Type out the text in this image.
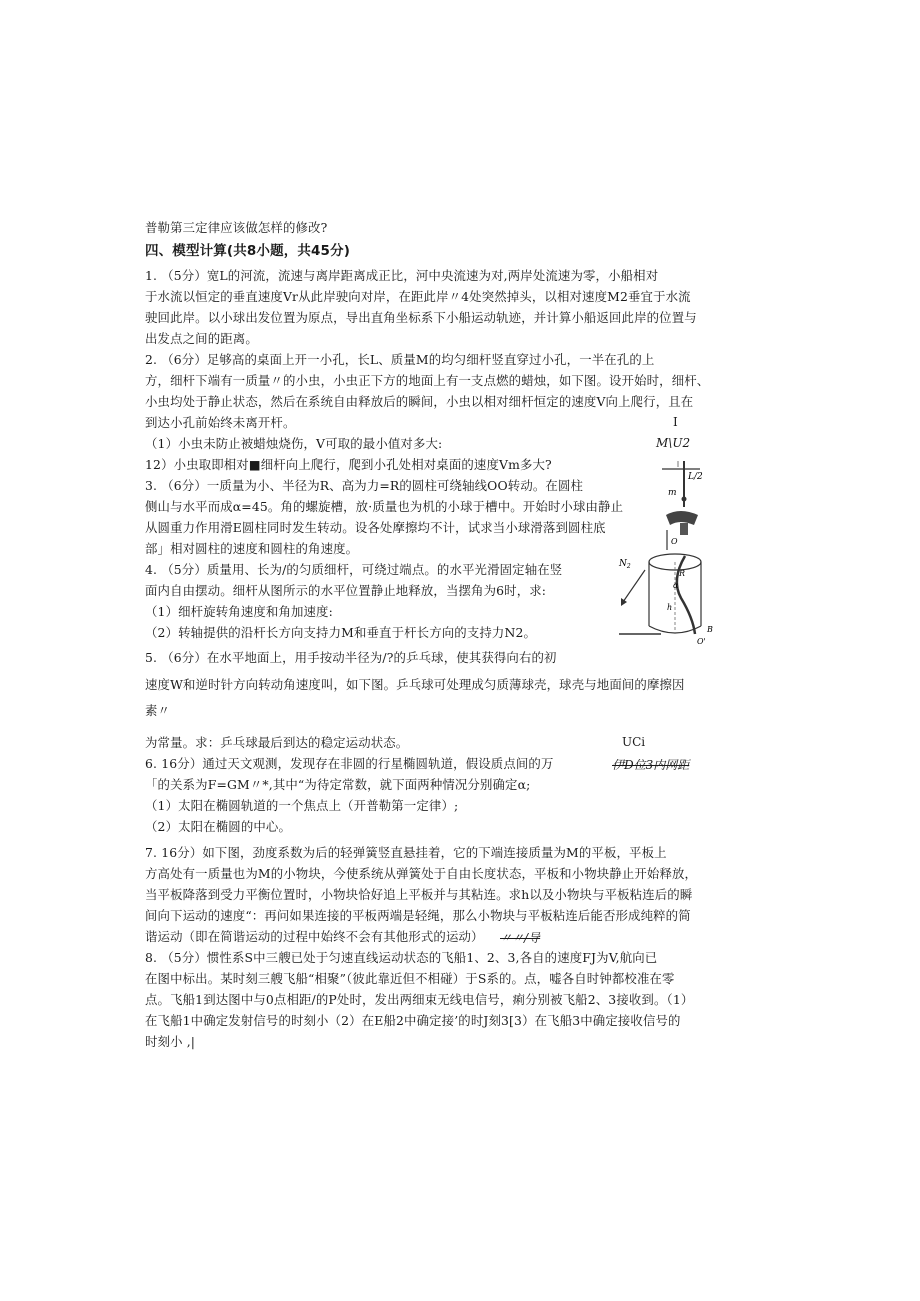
普勒第三定律应该做怎样的修改?
四、模型计算(共8小题，共45分)
1. （5分）宽L的河流，流速与离岸距离成正比，河中央流速为对,两岸处流速为零，小船相对
于水流以恒定的垂直速度Vr从此岸驶向对岸，在距此岸〃4处突然掉头，以相对速度M2垂宜于水流
驶回此岸。以小球出发位置为原点，导出直角坐标系下小船运动轨迹，并计算小船返回此岸的位置与
出发点之间的距离。
2. （6分）足够高的桌面上开一小孔，长L、质量M的均匀细杆竖直穿过小孔，一半在孔的上
方，细杆下端有一质量〃的小虫，小虫正下方的地面上有一支点燃的蜡烛，如下图。设开始时，细杆、
小虫均处于静止状态，然后在系统自由释放后的瞬间，小虫以相对细杆恒定的速度V向上爬行，且在
到达小孔前始终未离开杆。
（1）小虫未防止被蜡烛烧伤，V可取的最小值对多大:
12）小虫取即相对■细杆向上爬行，爬到小孔处相对桌面的速度Vm多大?
3. （6分）一质量为小、半径为R、高为力=R的圆柱可绕轴线OO转动。在圆柱
侧山与水平而成α=45。角的螺旋槽，放·质量也为机的小球于槽中。开始时小球由静止
从圆重力作用滑E圆柱同时发生转动。设各处摩擦均不计，试求当小球滑落到圆柱底
部」相对圆柱的速度和圆柱的角速度。
4. （5分）质量用、长为/的匀质细杆，可绕过端点。的水平光滑固定轴在竖
面内自由摆动。细杆从图所示的水平位置静止地释放，当摆角为6时，求:
（1）细杆旋转角速度和角加速度:
（2）转轴提供的沿杆长方向支持力M和垂直于杆长方向的支持力N2。
5. （6分）在水平地面上，用手按动半径为/?的乒乓球，使其获得向右的初
速度W和逆时针方向转动角速度叫，如下图。乒乓球可处理成匀质薄球壳，球壳与地面间的摩擦因
素〃
为常量。求：乒乓球最后到达的稳定运动状态。
6. 16分）通过天文观测，发现存在非圆的行星椭圆轨道，假设质点间的万
「的关系为F=GM〃*,其中“为待定常数，就下面两种情况分别确定α;
（1）太阳在椭圆轨道的一个焦点上（开普勒第一定律）;
（2）太阳在椭圆的中心。
7. 16分）如下图，劲度系数为后的轻弹簧竖直悬挂着，它的下端连接质量为M的平板，平板上
方高处有一质量也为M的小物块，今使系统从弹簧处于自由长度状态，平板和小物块静止开始释放，
当平板降落到受力平衡位置时，小物块恰好追上平板并与其粘连。求h以及小物块与平板粘连后的瞬
间向下运动的速度“：再问如果连接的平板两端是轻绳，那么小物块与平板粘连后能否形成纯粹的简
谐运动（即在简谐运动的过程中始终不会有其他形式的运动）
8. （5分）惯性系S中三艘已处于匀速直线运动状态的飞船1、2、3,各自的速度FJ为V,航向已
在图中标出。某时刻三艘飞船“相聚”（彼此靠近但不相碰）于S系的。点，嘘各自时钟都校准在零
点。飞船1到达图中与0点相距/的P处时，发出两细束无线电信号，痢分别被飞船2、3接收到。（1）
在飞船1中确定发射信号的时刻小（2）在E船2中确定接’的时J刻3[3）在飞船3中确定接收信号的
时刻小 ,|
I
M\U2
UCi
伊D位3内网距
〃〃/导
L/2
m
O
R
α
h
B
O'
$N_2$
